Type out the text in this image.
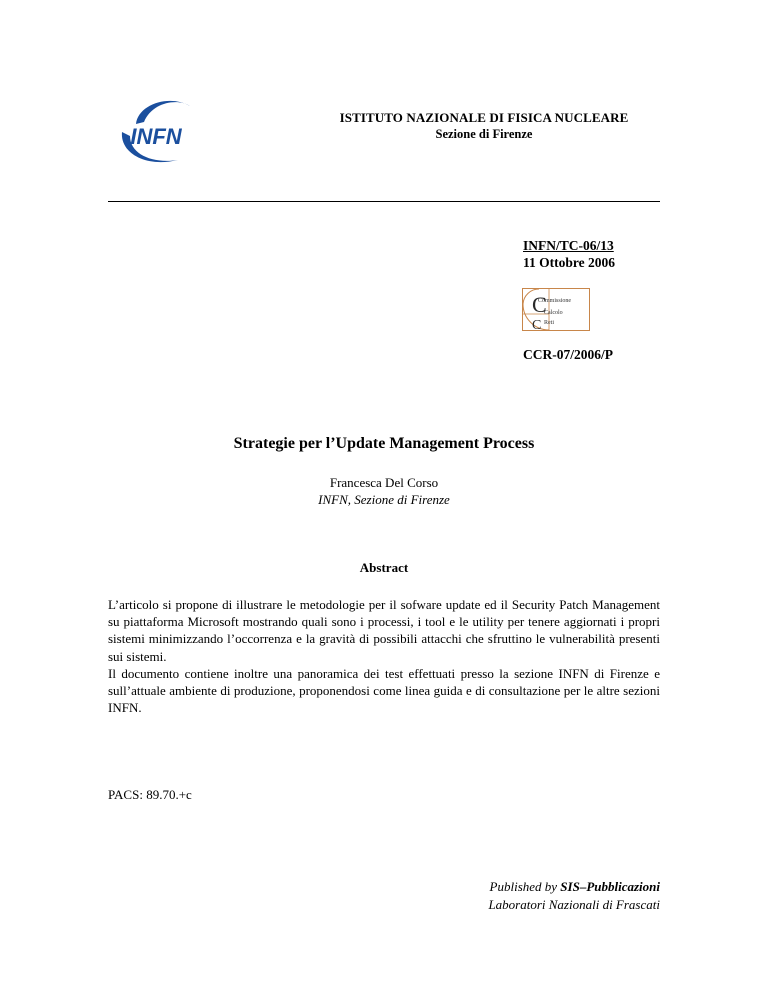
INFN
ISTITUTO NAZIONALE DI FISICA NUCLEARE
Sezione di Firenze
INFN/TC-06/13
11 Ottobre 2006
C
C
Commissione
Calcolo
Reti
CCR-07/2006/P
Strategie per l’Update Management Process
Francesca Del Corso
INFN, Sezione di Firenze
Abstract

L’articolo si propone di illustrare le metodologie per il sofware update ed il Security Patch Management su piattaforma Microsoft mostrando quali sono i processi, i tool e le utility per tenere aggiornati i propri sistemi minimizzando l’occorrenza e la gravità di possibili attacchi che sfruttino le vulnerabilità presenti sui sistemi.

Il documento contiene inoltre una panoramica dei test effettuati presso la sezione INFN di Firenze e sull’attuale ambiente di produzione, proponendosi come linea guida e di consultazione per le altre sezioni INFN.

PACS: 89.70.+c
Published by SIS–Pubblicazioni
Laboratori Nazionali di Frascati
